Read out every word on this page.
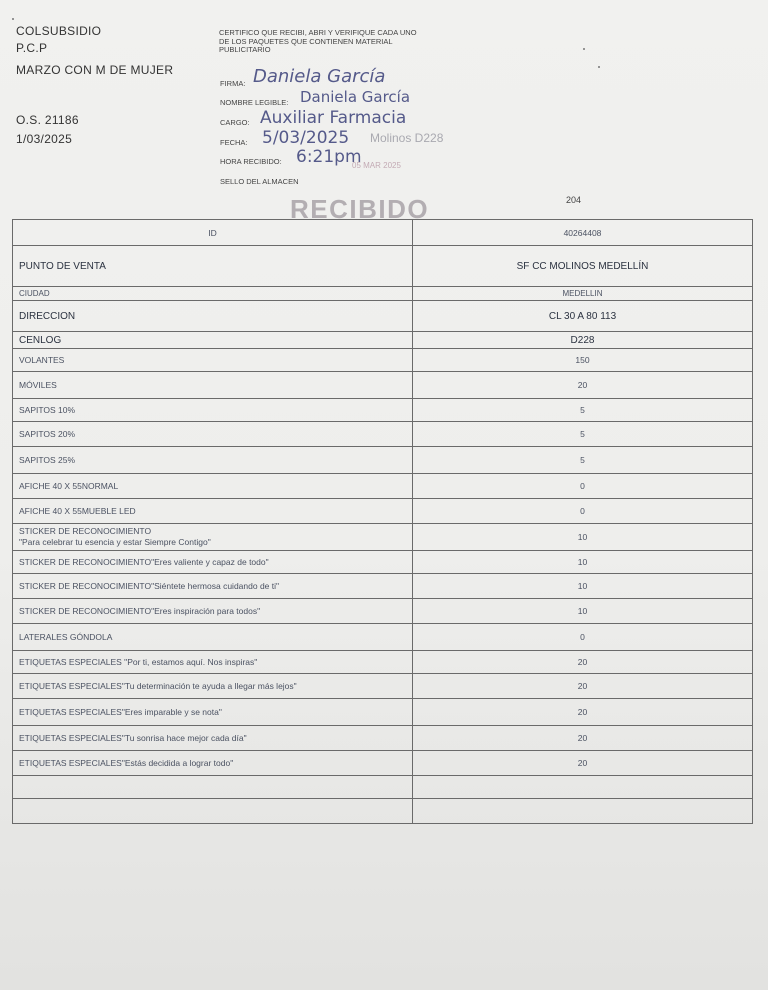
COLSUBSIDIO
P.C.P
MARZO CON M DE MUJER
O.S. 21186
1/03/2025
CERTIFICO QUE RECIBI, ABRI Y VERIFIQUE CADA UNO DE LOS PAQUETES QUE CONTIENEN MATERIAL PUBLICITARIO
FIRMA: Daniela García
NOMBRE LEGIBLE: Daniela García
CARGO: Auxiliar Farmacia
FECHA: 5/03/2025 Molinos D228
HORA RECIBIDO: 6:21pm
05 MAR 2025
SELLO DEL ALMACEN
RECIBIDO	204
ID	40264408
PUNTO DE VENTA	SF CC MOLINOS MEDELLÍN
CIUDAD	MEDELLIN
DIRECCION	CL 30 A 80 113
CENLOG	D228
VOLANTES	150
MÓVILES	20
SAPITOS 10%	5
SAPITOS 20%	5
SAPITOS 25%	5
AFICHE 40 X 55NORMAL	0
AFICHE 40 X 55MUEBLE LED	0

STICKER DE RECONOCIMIENTO
"Para celebrar tu esencia y estar Siempre Contigo"	10
STICKER DE RECONOCIMIENTO"Eres valiente y capaz de todo"	10
STICKER DE RECONOCIMIENTO"Siéntete hermosa cuidando de ti"	10
STICKER DE RECONOCIMIENTO"Eres inspiración para todos"	10
LATERALES GÓNDOLA	0
ETIQUETAS ESPECIALES "Por ti, estamos aquí. Nos inspiras"	20
ETIQUETAS ESPECIALES"Tu determinación te ayuda a llegar más lejos"	20
ETIQUETAS ESPECIALES"Eres imparable y se nota"	20
ETIQUETAS ESPECIALES"Tu sonrisa hace mejor cada día"	20
ETIQUETAS ESPECIALES"Estás decidida a lograr todo"	20
